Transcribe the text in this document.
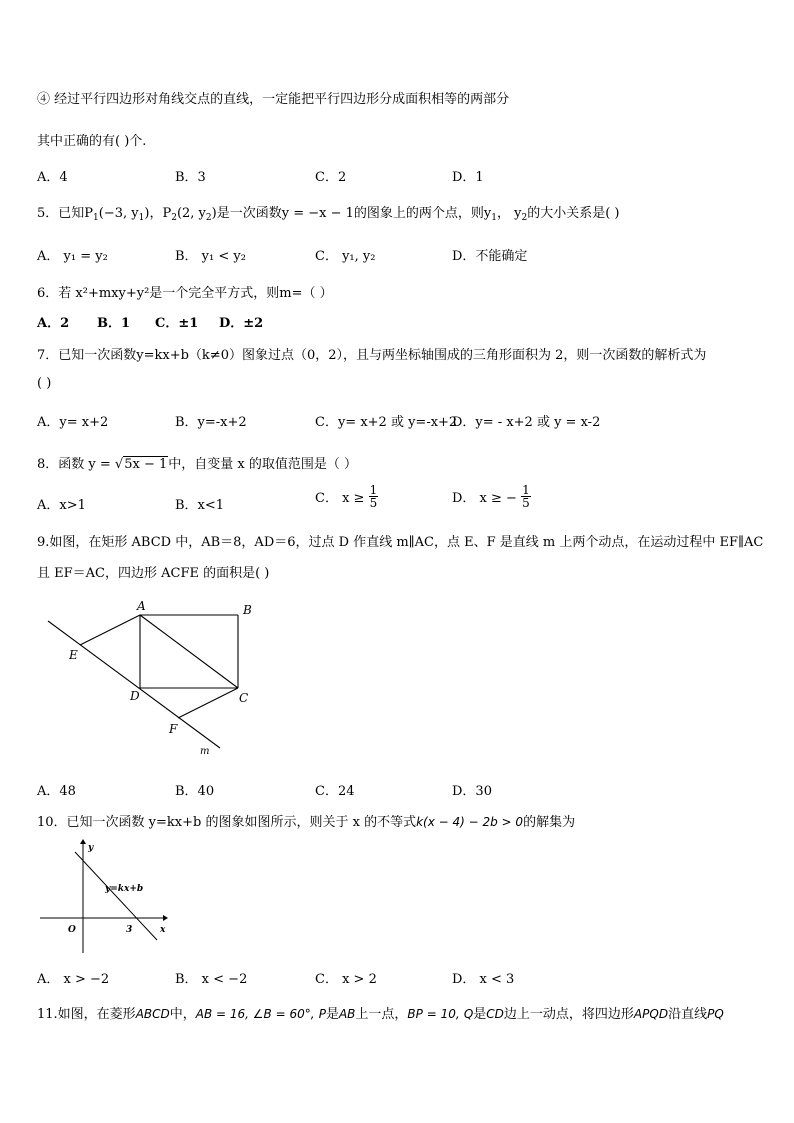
④ 经过平行四边形对角线交点的直线，一定能把平行四边形分成面积相等的两部分
其中正确的有( )个.
A．4	B．3	C．2	D．1
5．已知$P_1(-3$, $y_1$)，$P_2(2$, $y_2$)是一次函数y = −x − 1的图象上的两个点，则$y_1$， $y_2$的大小关系是( )
A． y₁ = y₂	B． y₁ < y₂	C． y₁, y₂	D．不能确定
6．若 x²+mxy+y²是一个完全平方式，则m=（ ）
A．2 B．1 C．±1 D．±2
7．已知一次函数y=kx+b（k≠0）图象过点（0，2），且与两坐标轴围成的三角形面积为 2，则一次函数的解析式为
( )
A．y= x+2	B．y=-x+2	C．y= x+2 或 y=-x+2
D．y= - x+2 或 y = x-2
8．函数 y = √5x − 1中，自变量 x 的取值范围是（ ）
A．x>1	B．x<1	C． $x \ge \frac{1}{5}$	D． x ≥ − $\frac{1}{5}$
9.如图，在矩形 ABCD 中，AB＝8，AD＝6，过点 D 作直线 m∥AC，点 E、F 是直线 m 上两个动点，在运动过程中 EF∥AC
且 EF＝AC，四边形 ACFE 的面积是( )
A	B
C
D
E
F
m
A．48	B．40	C．24	D．30
10．已知一次函数 y=kx+b 的图象如图所示，则关于 x 的不等式k(x − 4) − 2b > 0的解集为
y
y=kx+b
O	3	x
A． x > −2	B． x < −2	C． x > 2	D． x < 3
11.如图，在菱形ABCD中，AB = 16, ∠B = 60°, P是AB上一点，BP = 10, Q是CD边上一动点，将四边形APQD沿直线PQ
